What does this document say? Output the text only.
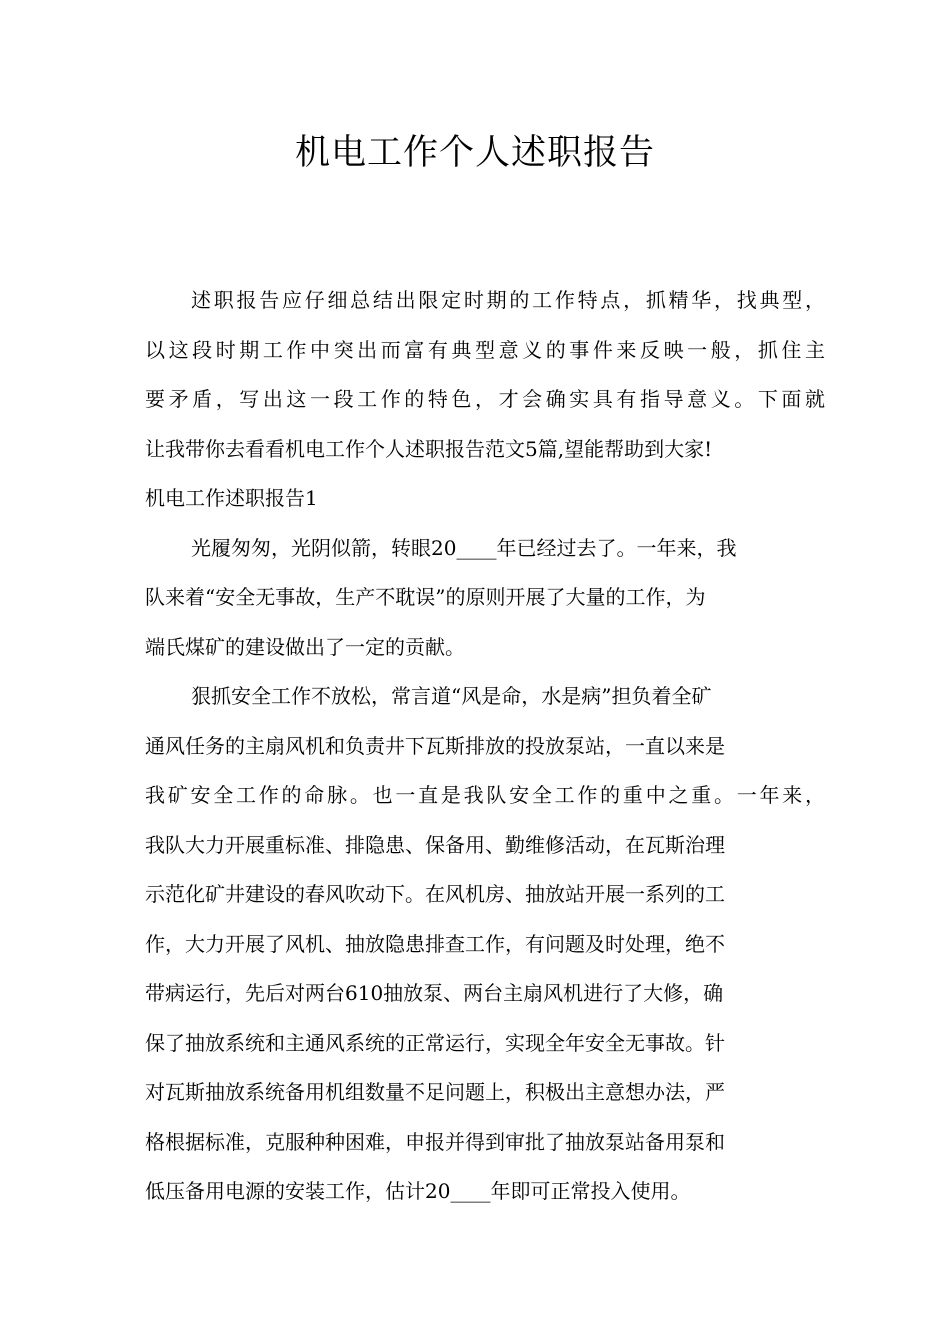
机电工作个人述职报告
述职报告应仔细总结出限定时期的工作特点，抓精华，找典型，
以这段时期工作中突出而富有典型意义的事件来反映一般，抓住主
要矛盾，写出这一段工作的特色，才会确实具有指导意义。下面就
让我带你去看看机电工作个人述职报告范文5篇,望能帮助到大家!
机电工作述职报告1
光履匆匆，光阴似箭，转眼20____年已经过去了。一年来，我
队来着“安全无事故，生产不耽误”的原则开展了大量的工作，为
端氏煤矿的建设做出了一定的贡献。
狠抓安全工作不放松，常言道“风是命，水是病”担负着全矿
通风任务的主扇风机和负责井下瓦斯排放的投放泵站，一直以来是
我矿安全工作的命脉。也一直是我队安全工作的重中之重。一年来，
我队大力开展重标准、排隐患、保备用、勤维修活动，在瓦斯治理
示范化矿井建设的春风吹动下。在风机房、抽放站开展一系列的工
作，大力开展了风机、抽放隐患排查工作，有问题及时处理，绝不
带病运行，先后对两台610抽放泵、两台主扇风机进行了大修，确
保了抽放系统和主通风系统的正常运行，实现全年安全无事故。针
对瓦斯抽放系统备用机组数量不足问题上，积极出主意想办法，严
格根据标准，克服种种困难，申报并得到审批了抽放泵站备用泵和
低压备用电源的安装工作，估计20____年即可正常投入使用。
